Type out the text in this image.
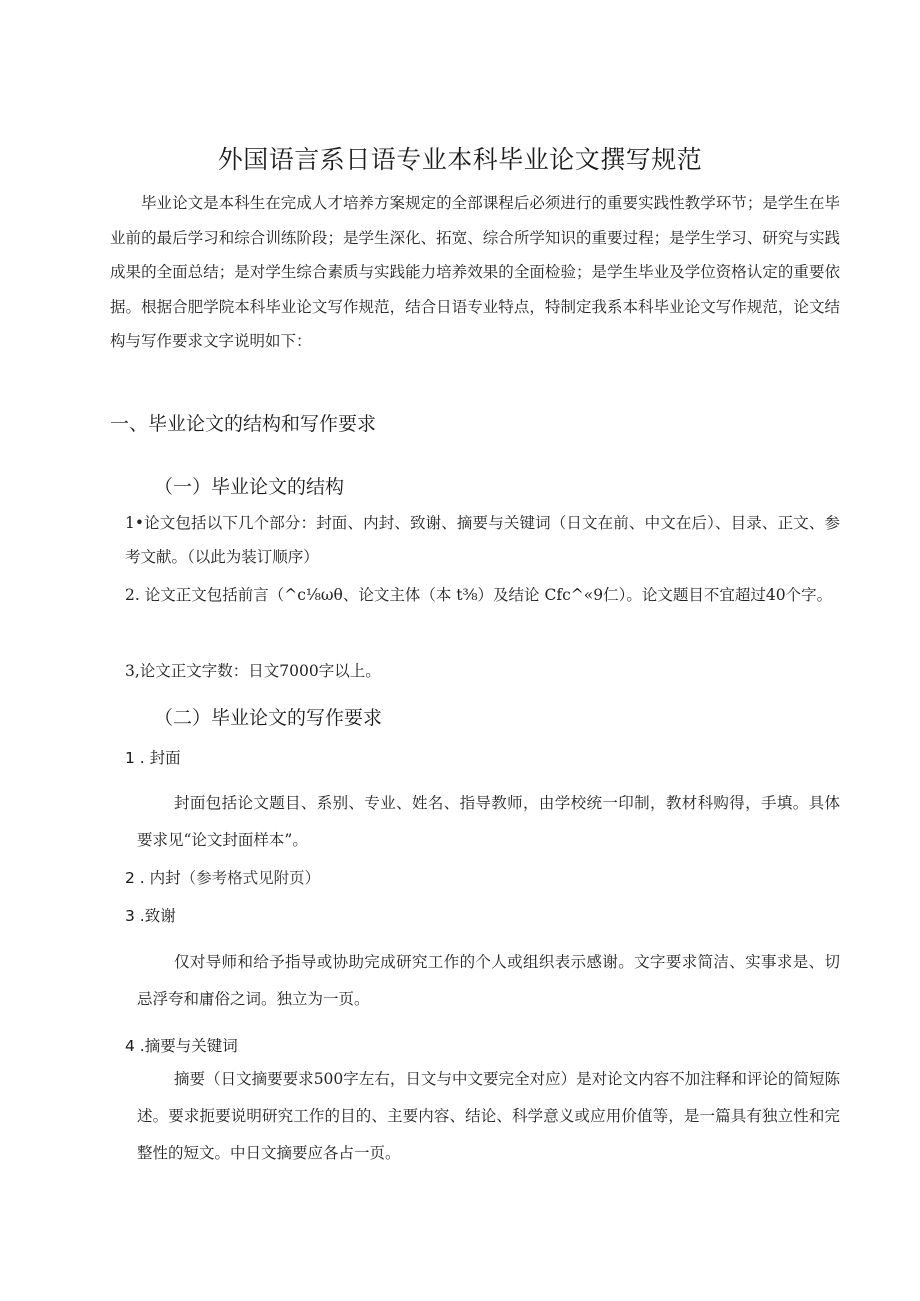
外国语言系日语专业本科毕业论文撰写规范

毕业论文是本科生在完成人才培养方案规定的全部课程后必须进行的重要实践性教学环节；是学生在毕业前的最后学习和综合训练阶段；是学生深化、拓宽、综合所学知识的重要过程；是学生学习、研究与实践成果的全面总结；是对学生综合素质与实践能力培养效果的全面检验；是学生毕业及学位资格认定的重要依据。根据合肥学院本科毕业论文写作规范，结合日语专业特点，特制定我系本科毕业论文写作规范，论文结构与写作要求文字说明如下：

一、毕业论文的结构和写作要求
（一）毕业论文的结构

1•论文包括以下几个部分：封面、内封、致谢、摘要与关键词（日文在前、中文在后）、目录、正文、参考文献。（以此为装订顺序）

2. 论文正文包括前言（^c⅛ωθ、论文主体（本 t⅜）及结论 Cfc^«9仁）。论文题目不宜超过40个字。

3,论文正文字数：日文7000字以上。

（二）毕业论文的写作要求
1 . 封面

封面包括论文题目、系别、专业、姓名、指导教师，由学校统一印制，教材科购得，手填。具体要求见“论文封面样本”。

2 . 内封（参考格式见附页）
3 .致谢

仅对导师和给予指导或协助完成研究工作的个人或组织表示感谢。文字要求简洁、实事求是、切忌浮夸和庸俗之词。独立为一页。

4 .摘要与关键词

摘要（日文摘要要求500字左右，日文与中文要完全对应）是对论文内容不加注释和评论的简短陈述。要求扼要说明研究工作的目的、主要内容、结论、科学意义或应用价值等，是一篇具有独立性和完整性的短文。中日文摘要应各占一页。
